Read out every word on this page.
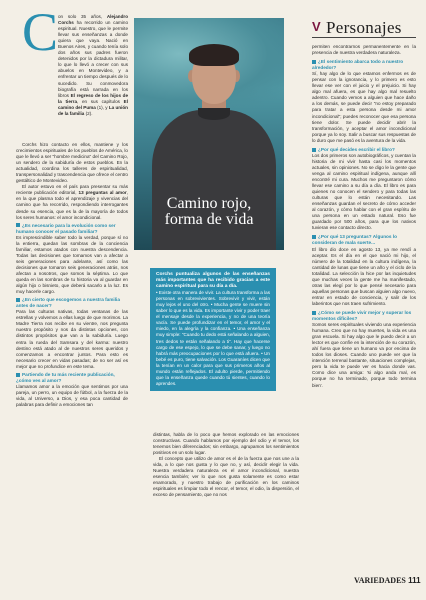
V Personajes
C on solo 35 años, Alejandro Corchs ha recorrido un camino espiritual. Nuestro, que le permite llevar sus enseñanzas a donde quiera que vaya. Nació en Buenos Aires, y cuando tenía solo dos años sus padres fueron detenidos por la dictadura militar, lo que lo llevó a crecer con sus abuelos en Montevideo, y a enfrentar un tiempo después de lo sucedido. Su conmovedora biografía está narrada en los libros El regreso de los hijos de la tierra, en sus capítulos El camino del Puma (1), y La unión de la familia (2).

Corchs hizo contacto en ellos, mantiene y los crecimientos espirituales de los pueblos de América, lo que le llevó a ser "hombre medicina" del Camino Rojo, un sendero de la sabiduría de estos pueblos. En la actualidad, coordina los talleres de espiritualidad, transpersonalidad y trascendencia que ofrece el centro gestáltico de Montevideo.

El autor estuvo en el país para presentar su más reciente publicación editorial, 13 preguntas al amor, en la que plasma todo el aprendizaje y vivencias del camino que ha recorrido, respondiendo interrogantes desde su esencia, que es la de la mayoría de todos los seres humanos: el amor incondicional.

¿Es necesario para la evolución como ser humano conocer el pasado familiar?

Es imprescindible saber todo la verdad, porque sí no la entierra, quedan las sombras de la conciencia familiar, estamos atados con nuestra descendencia. Todas las decisiones que tomamos van a afectar a seis generaciones para adelante, así como las decisiones que tomaron seis generaciones atrás, nos afectan a nosotros, que somos la séptima. Lo que queda en las sombras de tu historia va al guardar en algún hijo o bisnieto, que deberá sacarlo a la luz. Es muy hacerle cargo.

¿En cierto que escogemos a nuestra familia antes de nacer?

Para las culturas nativas, todas ventanas de las estrellas y volvemos a ellas luego de que morimos. La Madre Tierra nos recibe en su vientre, nos pregunta nuestro propósito y nos da distintas opciones, con distintos propósitos que van a la sabiduría. Luego entra la rueda del Samsara y del karma: nuestro destino está atado al de nuestros seres queridos y comenzamos a encontrar juntos. Para esto es necesario crecer en vidas pasadas; de no ser así es mejor que no profundice en este tema.

Partiendo de tu más reciente publicación, ¿cómo ves al amor?

Llamamos amor a la emoción que sentimos por una pareja, un perro, un equipo de fútbol, a la fuerza de la vida, al Universo, a Dios, y esa poca cantidad de palabras para definir a emociones tan

Camino rojo,
forma de vida

Corchs puntualiza algunos de las enseñanzas más importantes que ha recibido gracias a este camino espiritual para su día a día.

• Existe otra manera de vivir. La cultura transforma a las personas en sobrevivientes. Sobrevivir y vivir, están muy lejos el uno del otro. • Mucha gente se muere sin saber lo que es la vida. Es importante vivir y poder traer el mensaje desde la experiencia, y no de una teoría vacía. Se puede profundizar en el temor, el amor y el miedo, en la alegría y la confianza. • Una enseñanza muy simple: "Cuando tu dedo está señalando a alguien, tres dedos te están señalando a ti". Hay que hacerse cargo de ese espejo, lo que se debe sanar, y luego no habrá más preocupaciones por lo que está afuera. • Un bebé es puro, tiene salvación. Los Guaraníes dicen que la tenían en un calor para que sus primeros años al mundo están reflejados. El adulto pierde, permitiendo que la enseñanza quede cuando tú sientes, cuando lo aprendes.

distintas, habla de lo poco que hemos explorado en las emociones constructivas. Cuando hablamos por ejemplo del odio y el temor, los tenemos bien diferenciados; sin embargo, agrupamos los sentimientos positivos en un solo lugar.

El concepto que utilizo de amor es el de la fuerza que nos une a la vida, a lo que nos gusta y lo que no, y así, decidir elegir la vida. Nuestra verdadera naturaleza es el amor incondicional, nuestra esencia también; ver lo que nos gusta solamente es como estar enamorado, y nuestro trabajo de purificación en los caminos espirituales es limpiar todo el rencor, el temor, el odio, la dispersión, el exceso de pensamiento, que no nos

permiten encontrarnos permanentemente en la presencia de nuestra verdadera naturaleza.

¿El sentimiento abarca todo a nuestro alrededor?

Sí, hay algo de lo que estamos enfermos es de pensar con la ignorancia, y lo primero es esto llevar ese ver con el juicio y el prejuicio. Si hay algo mal afuera, es que hay algo mal resuelto adentro. Cuando vemos a alguien que hace daño a los demás, se puede decir "no estoy preparado para tratar a esta persona desde mi amor incondicional"; puedes reconocer que esa persona tiene dolor. Se puede decidir abrir la transformación, y aceptar el amor incondicional porque ya lo soy. Salir a buscar sus respuestas de lo duro que me pasó es la aventura de la vida.

¿Por qué decides escribir el libro?

Los dos primeros son autobiográficos, y cuentan la historia de mi vivir hasta casi los momentos actuales, sin opiniones. No se digo le la gente que venga al camino espiritual indígena, aunque allí encontré mi cura. Muchos me preguntaron cómo llevar ese camino a su día a día. El libro es para quienes no conocen el sendero y para todas las culturas que lo están necesitando. Las enseñanzas guardan el secreto de cómo acceder al corazón, y cómo hablar con el gran espíritu de una persona en un estado natural. Eso fue guardado por 500 años, para que los nativos tuvieran ese contacto directo.

¿Por qué 13 preguntas? Algunos lo consideran de mala suerte...

El libro dio doce en agosto 13, ya me rendí a aceptar. Es el día en el que nació mi hijo, el número de la totalidad en la cultura indígena, la cantidad de lunas que tiene un año y el ciclo de la totalidad. La selección la hice por las inquietudes que muchas veces la gente me ha manifestado, otras las elegí por lo que pensé necesario para aquellas personas que buscan alguien algo nuevo, entrar en estado de conciencia, y salir de los laberintos que nos traen sufrimiento.

¿Cómo se puede vivir mejor y superar los momentos difíciles?

Somos seres espirituales viviendo una experiencia humana. Creo que no hay muertes, la vida es una gran escuela. Si hay algo que le puedo decir a un lector es que confíe en la intención de su corazón, ahí fuera que tiene un humano va por encima de todos los dioses. Cuando uno puede ver que la intención terrenal bastante, situaciones complejas, pero la vida te puede ver es hacia donde vas. Como dice una amiga: 'si algo anda mal, es porque no ha terminado, porque todo termina bien'.

VARIEDADES 111
